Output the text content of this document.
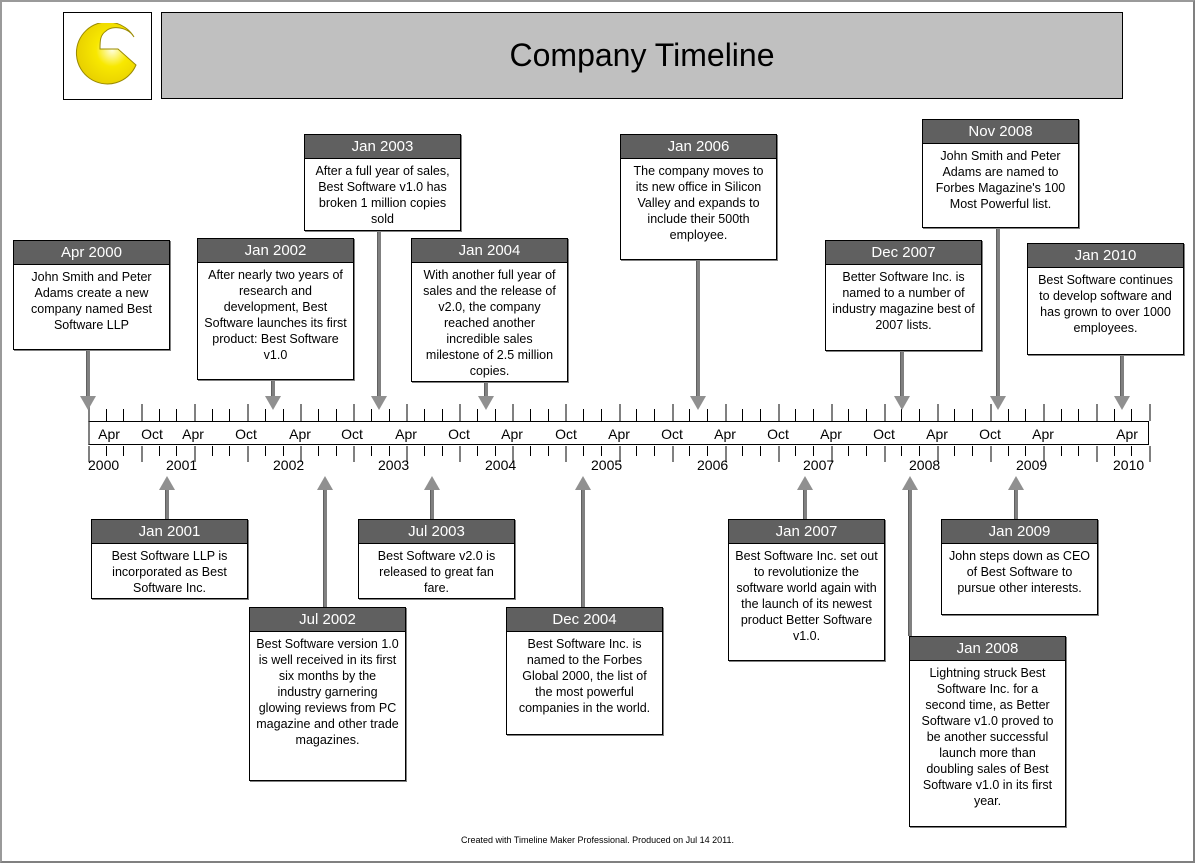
Company Timeline
Apr Oct Apr Oct Apr Oct Apr Oct Apr Oct Apr Oct Apr Oct Apr Oct Apr Oct Apr	Apr
2000	2001	2002	2003	2004	2005	2006	2007	2008	2009	2010
Apr 2000
John Smith and Peter Adams create a new company named Best Software LLP
Jan 2002
After nearly two years of research and development, Best Software launches its first product: Best Software v1.0
Jan 2003
After a full year of sales, Best Software v1.0 has broken 1 million copies sold
Jan 2004
With another full year of sales and the release of v2.0, the company reached another incredible sales milestone of 2.5 million copies.
Jan 2006
The company moves to its new office in Silicon Valley and expands to include their 500th employee.
Dec 2007
Better Software Inc. is named to a number of industry magazine best of 2007 lists.
Nov 2008
John Smith and Peter Adams are named to Forbes Magazine's 100 Most Powerful list.
Jan 2010
Best Software continues to develop software and has grown to over 1000 employees.
Jan 2001
Best Software LLP is incorporated as Best Software Inc.
Jul 2002
Best Software version 1.0 is well received in its first six months by the industry garnering glowing reviews from PC magazine and other trade magazines.
Jul 2003
Best Software v2.0 is released to great fan fare.
Dec 2004
Best Software Inc. is named to the Forbes Global 2000, the list of the most powerful companies in the world.
Jan 2007
Best Software Inc. set out to revolutionize the software world again with the launch of its newest product Better Software v1.0.
Jan 2008
Lightning struck Best Software Inc. for a second time, as Better Software v1.0 proved to be another successful launch more than doubling sales of Best Software v1.0 in its first year.
Jan 2009
John steps down as CEO of Best Software to pursue other interests.
Created with Timeline Maker Professional. Produced on Jul 14 2011.
